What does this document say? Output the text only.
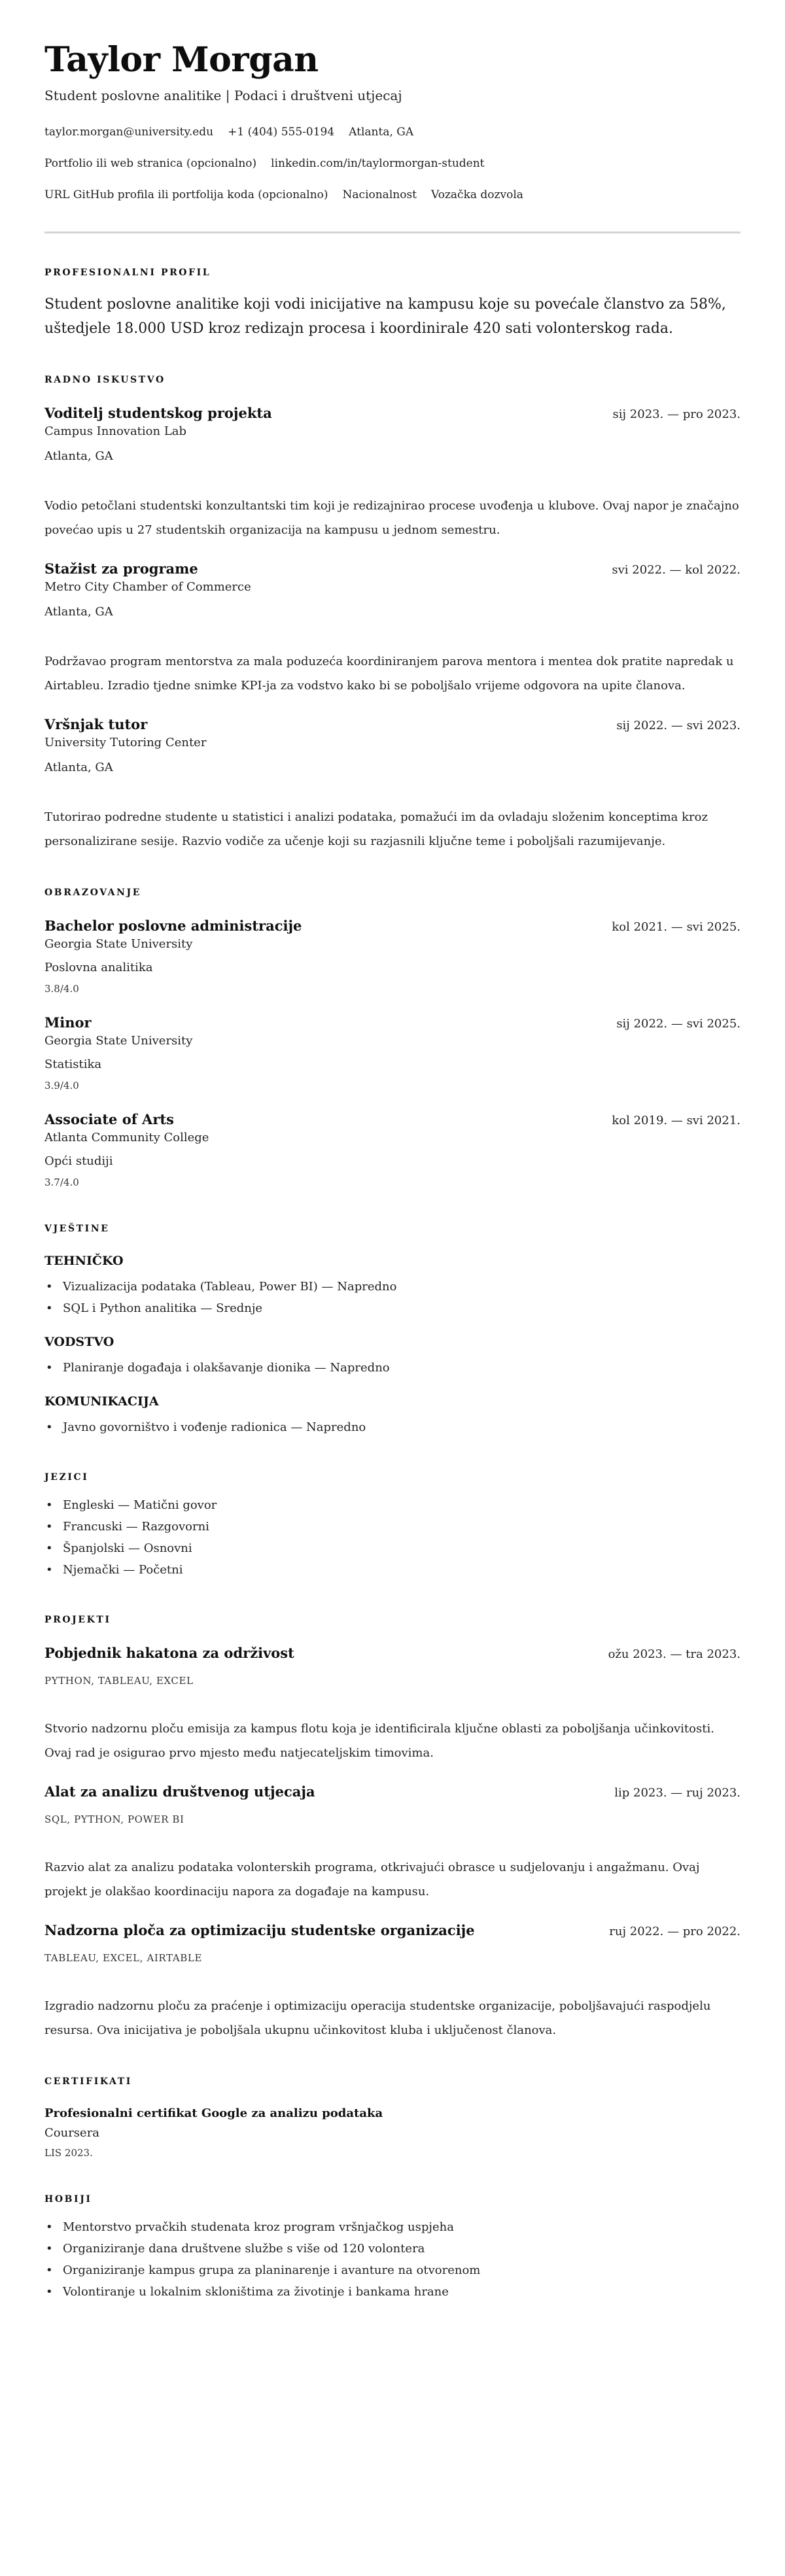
Taylor Morgan
Student poslovne analitike | Podaci i društveni utjecaj
taylor.morgan@university.edu +1 (404) 555-0194 Atlanta, GA
Portfolio ili web stranica (opcionalno) linkedin.com/in/taylormorgan-student
URL GitHub profila ili portfolija koda (opcionalno) Nacionalnost Vozačka dozvola
PROFESIONALNI PROFIL

Student poslovne analitike koji vodi inicijative na kampusu koje su povećale članstvo za 58%, uštedjele 18.000 USD kroz redizajn procesa i koordinirale 420 sati volonterskog rada.

RADNO ISKUSTVO
Voditelj studentskog projekta	sij 2023. — pro 2023.
Campus Innovation Lab
Atlanta, GA

Vodio petočlani studentski konzultantski tim koji je redizajnirao procese uvođenja u klubove. Ovaj napor je značajno povećao upis u 27 studentskih organizacija na kampusu u jednom semestru.

Stažist za programe	svi 2022. — kol 2022.
Metro City Chamber of Commerce
Atlanta, GA

Podržavao program mentorstva za mala poduzeća koordiniranjem parova mentora i mentea dok pratite napredak u Airtableu. Izradio tjedne snimke KPI-ja za vodstvo kako bi se poboljšalo vrijeme odgovora na upite članova.

Vršnjak tutor	sij 2022. — svi 2023.
University Tutoring Center
Atlanta, GA

Tutorirao podredne studente u statistici i analizi podataka, pomažući im da ovladaju složenim konceptima kroz personalizirane sesije. Razvio vodiče za učenje koji su razjasnili ključne teme i poboljšali razumijevanje.

OBRAZOVANJE
Bachelor poslovne administracije	kol 2021. — svi 2025.
Georgia State University
Poslovna analitika
3.8/4.0
Minor	sij 2022. — svi 2025.
Georgia State University
Statistika
3.9/4.0
Associate of Arts	kol 2019. — svi 2021.
Atlanta Community College
Opći studiji
3.7/4.0
VJEŠTINE
TEHNIČKO
• Vizualizacija podataka (Tableau, Power BI) — Napredno
• SQL i Python analitika — Srednje
VODSTVO
• Planiranje događaja i olakšavanje dionika — Napredno
KOMUNIKACIJA
• Javno govorništvo i vođenje radionica — Napredno
JEZICI
• Engleski — Matični govor
• Francuski — Razgovorni
• Španjolski — Osnovni
• Njemački — Početni
PROJEKTI
Pobjednik hakatona za održivost	ožu 2023. — tra 2023.
PYTHON, TABLEAU, EXCEL

Stvorio nadzornu ploču emisija za kampus flotu koja je identificirala ključne oblasti za poboljšanja učinkovitosti. Ovaj rad je osigurao prvo mjesto među natjecateljskim timovima.

Alat za analizu društvenog utjecaja	lip 2023. — ruj 2023.
SQL, PYTHON, POWER BI

Razvio alat za analizu podataka volonterskih programa, otkrivajući obrasce u sudjelovanju i angažmanu. Ovaj projekt je olakšao koordinaciju napora za događaje na kampusu.

Nadzorna ploča za optimizaciju studentske organizacije	ruj 2022. — pro 2022.
TABLEAU, EXCEL, AIRTABLE

Izgradio nadzornu ploču za praćenje i optimizaciju operacija studentske organizacije, poboljšavajući raspodjelu resursa. Ova inicijativa je poboljšala ukupnu učinkovitost kluba i uključenost članova.

CERTIFIKATI
Profesionalni certifikat Google za analizu podataka
Coursera
LIS 2023.
HOBIJI
• Mentorstvo prvačkih studenata kroz program vršnjačkog uspjeha
• Organiziranje dana društvene službe s više od 120 volontera
• Organiziranje kampus grupa za planinarenje i avanture na otvorenom
• Volontiranje u lokalnim skloništima za životinje i bankama hrane
